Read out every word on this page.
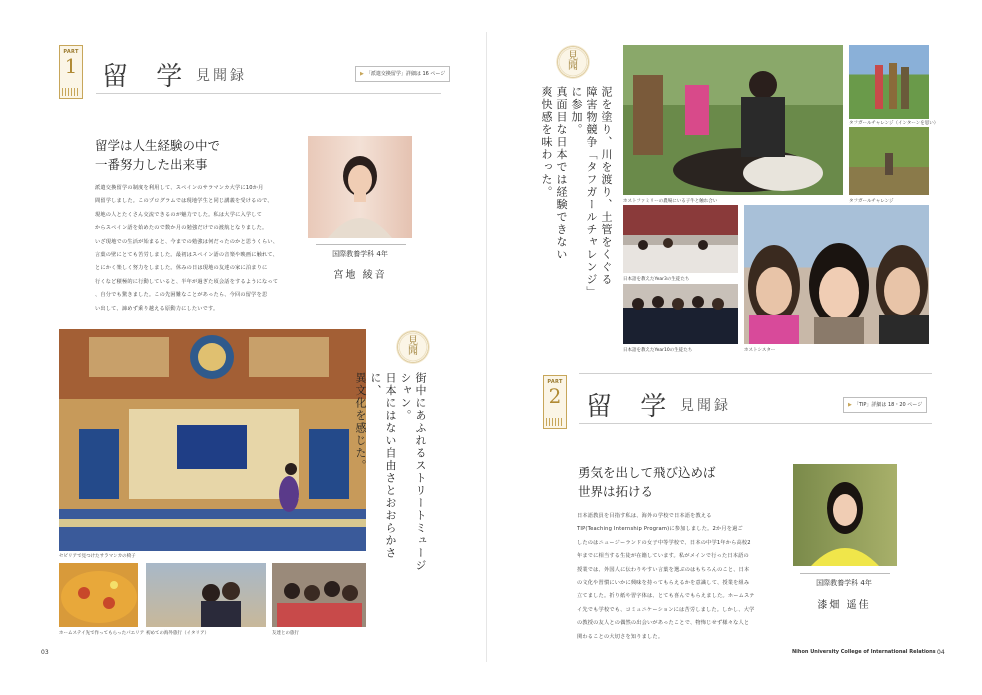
PART
1 留 学 見聞録	▶ 「派遣交換留学」詳細は 16 ページ
留学は人生経験の中で
一番努力した出来事
派遣交換留学の制度を利用して、スペインのサラマンカ大学に10か月
間留学しました。このプログラムでは現地学生と同じ講義を受けるので、
現地の人とたくさん交流できるのが魅力でした。私は大学に入学して
からスペイン語を始めたので数か月の勉強だけでの渡航となりました。
いざ現地での生活が始まると、今までの勉強は何だったのかと思うくらい、
言葉の壁にとても苦労しました。最初はスペイン語の音楽や映画に触れて、
とにかく楽しく努力をしました。休みの日は現地の友達の家に泊まりに
行くなど積極的に行動していると、半年が過ぎた頃会話をするようになって
、自分でも驚きました。この先困難なことがあったら、今回の留学を思
い出して、諦めず乗り越える原動力にしたいです。
国際教養学科 4年
宮地 綾音
セビリアで見つけたサラマンカの椅子
見
聞
街中にあふれるストリートミュージシャン。
日本にはない自由さとおおらかさに、
異文化を感じた。
ホームステイ先で作ってもらったパエリア 初めての海外旅行（イタリア）	友達との旅行
03
見
聞
泥を塗り、川を渡り、土管をくぐる
障害物競争「タフガールチャレンジ」に参加。
真面目な日本では経験できない
爽快感を味わった。
ホストファミリーの農場にいる子牛と触れ合い
タフガールチャレンジ（インターンを思い）
タフガールチャレンジ
日本語を教えたYear3の生徒たち
日本語を教えたYear10の生徒たち	ホストシスター
PART
2 留 学 見聞録	▶ 「TIP」詳細は 18・20 ページ
勇気を出して飛び込めば
世界は拓ける
日本語教員を目指す私は、海外の学校で日本語を教える
TIP(Teaching Internship Program)に参加しました。2か月を過ご
したのはニュージーランドの女子中等学校で、日本の中学1年から高校2
年までに相当する生徒が在籍しています。私がメインで行った日本語の
授業では、外国人に伝わりやすい言葉を選ぶのはもちろんのこと、日本
の文化や習慣にいかに興味を持ってもらえるかを意識して、授業を組み
立てました。折り紙や習字体は、とても喜んでもらえました。ホームステ
イ先でも学校でも、コミュニケーションには苦労しました。しかし、大学
の教授の友人との偶然の出会いがあったことで、物怖じせず様々な人と
関わることの大切さを知りました。
国際教養学科 4年
漆畑 遥佳
Nihon University College of International Relations 04
